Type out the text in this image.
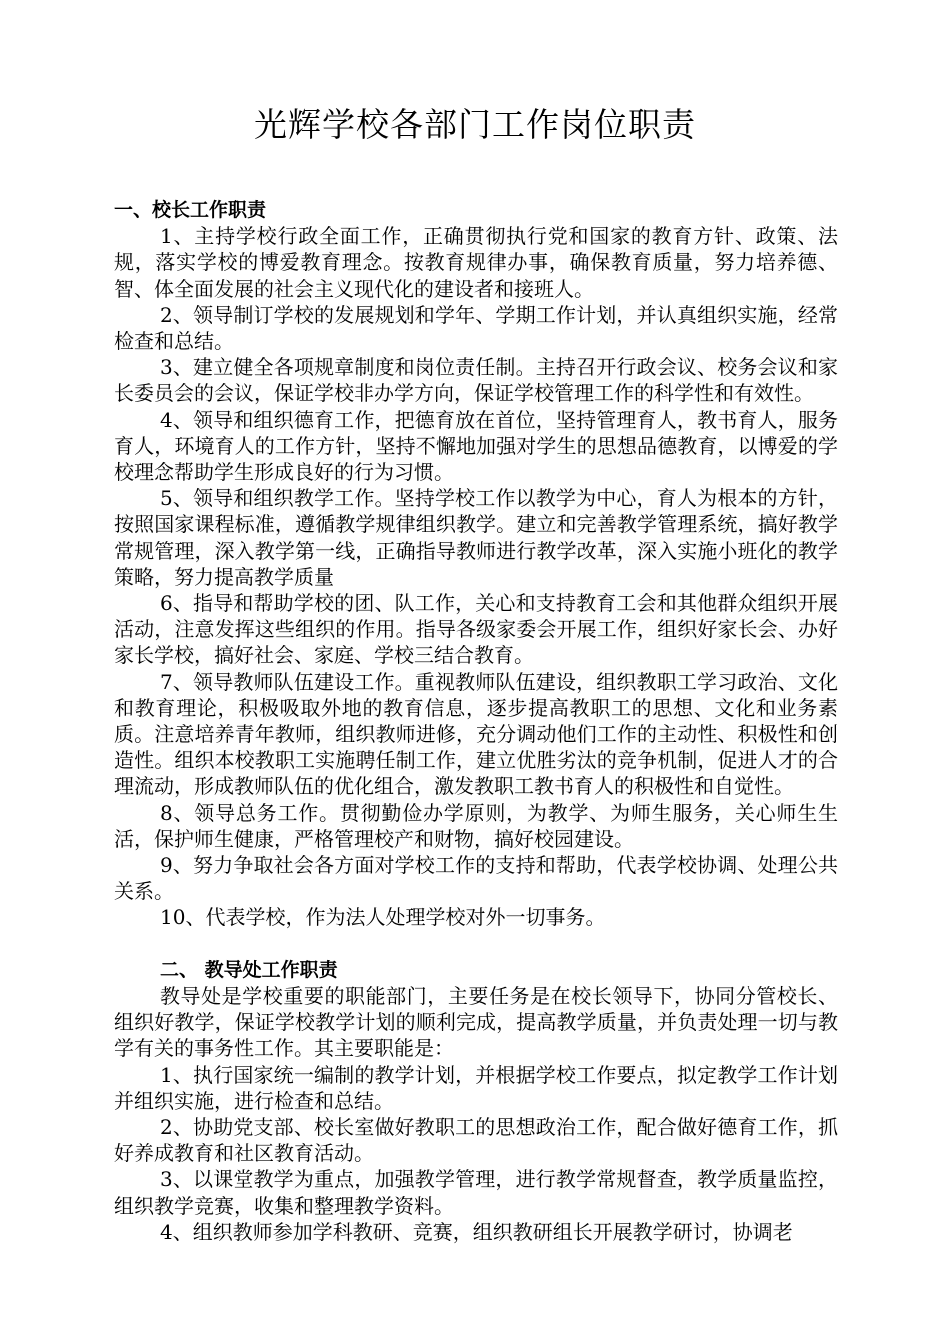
光辉学校各部门工作岗位职责

一、校长工作职责

1、主持学校行政全面工作，正确贯彻执行党和国家的教育方针、政策、法规，落实学校的博爱教育理念。按教育规律办事，确保教育质量，努力培养德、智、体全面发展的社会主义现代化的建设者和接班人。

2、领导制订学校的发展规划和学年、学期工作计划，并认真组织实施，经常检查和总结。

3、建立健全各项规章制度和岗位责任制。主持召开行政会议、校务会议和家长委员会的会议，保证学校非办学方向，保证学校管理工作的科学性和有效性。

4、领导和组织德育工作，把德育放在首位，坚持管理育人，教书育人，服务育人，环境育人的工作方针，坚持不懈地加强对学生的思想品德教育，以博爱的学校理念帮助学生形成良好的行为习惯。

5、领导和组织教学工作。坚持学校工作以教学为中心，育人为根本的方针，按照国家课程标准，遵循教学规律组织教学。建立和完善教学管理系统，搞好教学常规管理，深入教学第一线，正确指导教师进行教学改革，深入实施小班化的教学策略，努力提高教学质量

6、指导和帮助学校的团、队工作，关心和支持教育工会和其他群众组织开展活动，注意发挥这些组织的作用。指导各级家委会开展工作，组织好家长会、办好家长学校，搞好社会、家庭、学校三结合教育。

7、领导教师队伍建设工作。重视教师队伍建设，组织教职工学习政治、文化和教育理论，积极吸取外地的教育信息，逐步提高教职工的思想、文化和业务素质。注意培养青年教师，组织教师进修，充分调动他们工作的主动性、积极性和创造性。组织本校教职工实施聘任制工作，建立优胜劣汰的竞争机制，促进人才的合理流动，形成教师队伍的优化组合，激发教职工教书育人的积极性和自觉性。

8、领导总务工作。贯彻勤俭办学原则，为教学、为师生服务，关心师生生活，保护师生健康，严格管理校产和财物，搞好校园建设。

9、努力争取社会各方面对学校工作的支持和帮助，代表学校协调、处理公共关系。

10、代表学校，作为法人处理学校对外一切事务。

二、 教导处工作职责

教导处是学校重要的职能部门，主要任务是在校长领导下，协同分管校长、组织好教学，保证学校教学计划的顺利完成，提高教学质量，并负责处理一切与教学有关的事务性工作。其主要职能是：

1、执行国家统一编制的教学计划，并根据学校工作要点，拟定教学工作计划并组织实施，进行检查和总结。

2、协助党支部、校长室做好教职工的思想政治工作，配合做好德育工作，抓好养成教育和社区教育活动。

3、以课堂教学为重点，加强教学管理，进行教学常规督查，教学质量监控，组织教学竞赛，收集和整理教学资料。

4、组织教师参加学科教研、竞赛，组织教研组长开展教学研讨，协调老
